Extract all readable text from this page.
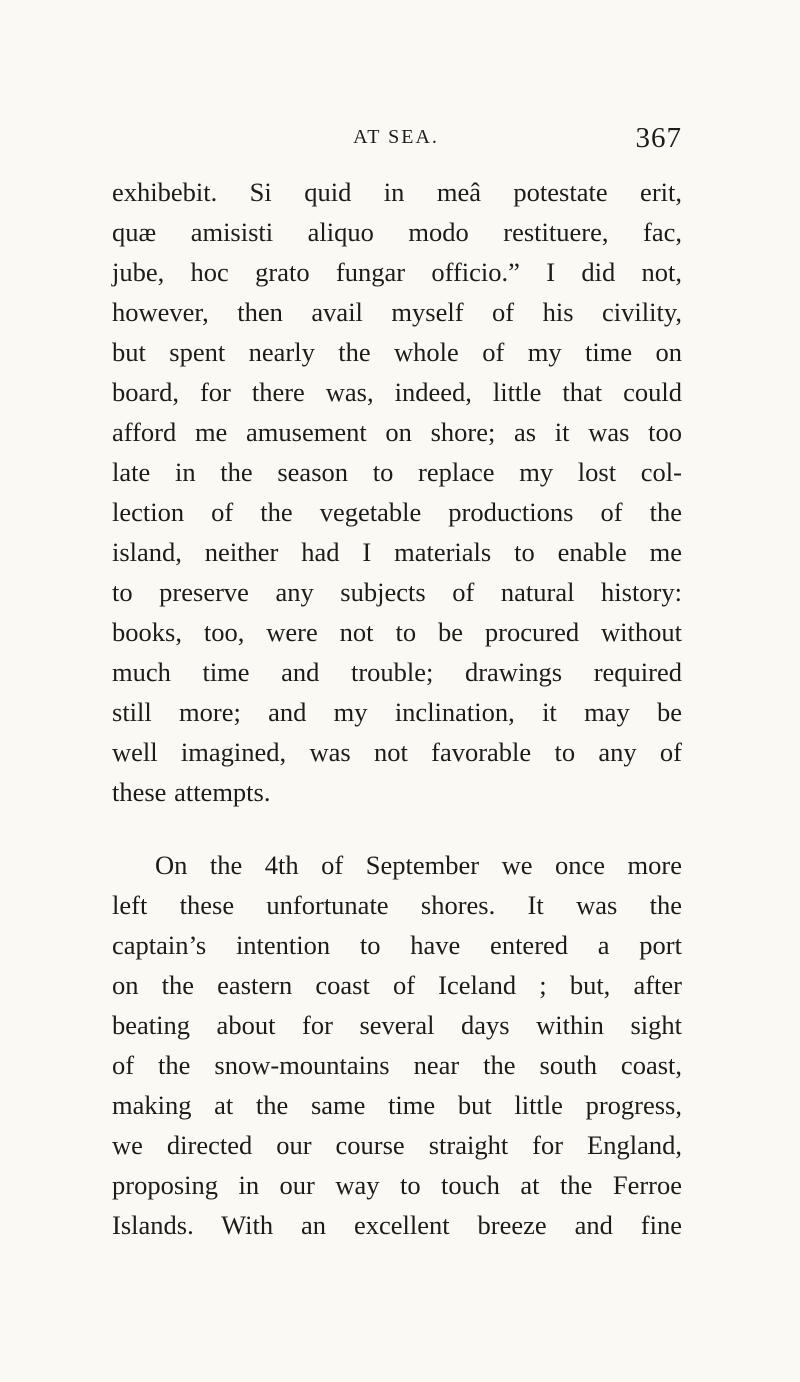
AT SEA.	367
exhibebit. Si quid in meâ potestate erit,
quæ amisisti aliquo modo restituere, fac,
jube, hoc grato fungar officio.” I did not,
however, then avail myself of his civility,
but spent nearly the whole of my time on
board, for there was, indeed, little that could
afford me amusement on shore; as it was too
late in the season to replace my lost col-
lection of the vegetable productions of the
island, neither had I materials to enable me
to preserve any subjects of natural history:
books, too, were not to be procured without
much time and trouble; drawings required
still more; and my inclination, it may be
well imagined, was not favorable to any of
these attempts.
On the 4th of September we once more
left these unfortunate shores. It was the
captain’s intention to have entered a port
on the eastern coast of Iceland ; but, after
beating about for several days within sight
of the snow-mountains near the south coast,
making at the same time but little progress,
we directed our course straight for England,
proposing in our way to touch at the Ferroe
Islands. With an excellent breeze and fine
